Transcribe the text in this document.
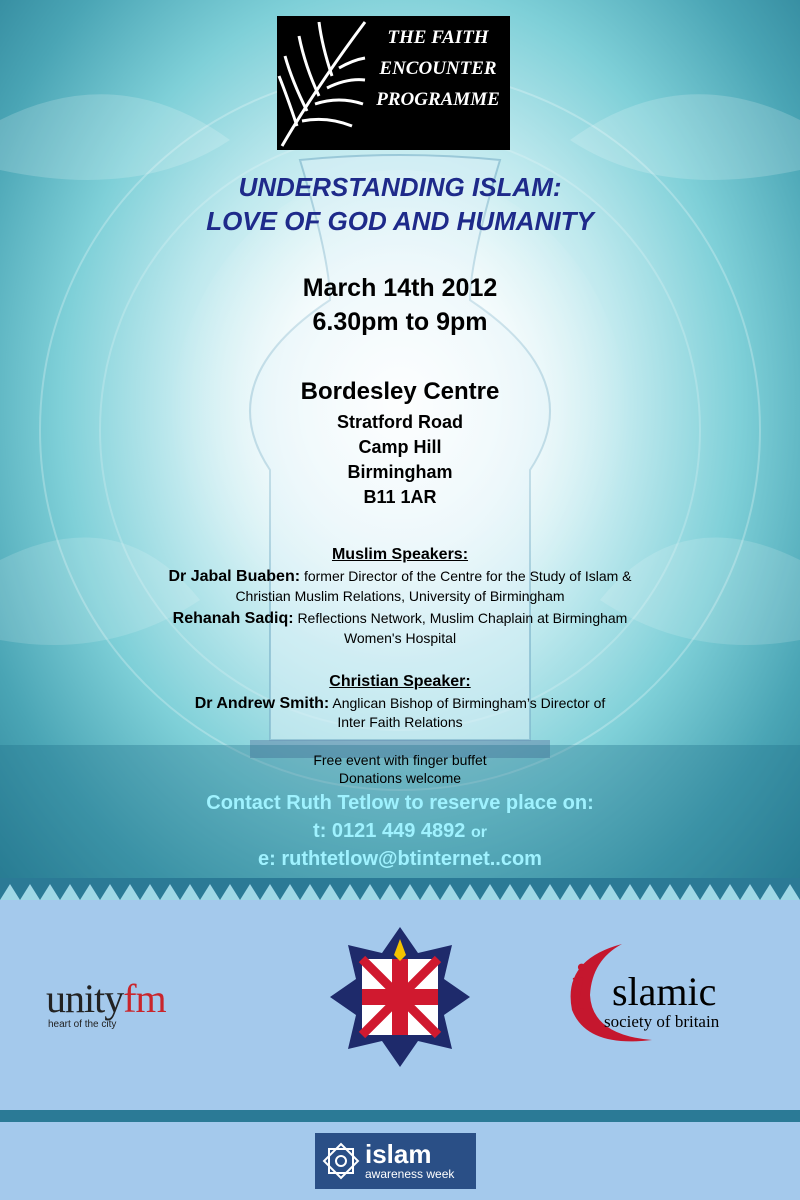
THE FAITH
ENCOUNTER
PROGRAMME
UNDERSTANDING ISLAM:
LOVE OF GOD AND HUMANITY
March 14th 2012
6.30pm to 9pm
Bordesley Centre
Stratford Road
Camp Hill
Birmingham
B11 1AR
Muslim Speakers:
Dr Jabal Buaben: former Director of the Centre for the Study of Islam &
Christian Muslim Relations, University of Birmingham
Rehanah Sadiq: Reflections Network, Muslim Chaplain at Birmingham
Women's Hospital
Christian Speaker:
Dr Andrew Smith: Anglican Bishop of Birmingham’s Director of
Inter Faith Relations
Free event with finger buffet
Donations welcome
Contact Ruth Tetlow to reserve place on:
t: 0121 449 4892 or
e: ruthtetlow@btinternet..com
unityfm
heart of the city	i slamic
society of britain
islam
awareness week
